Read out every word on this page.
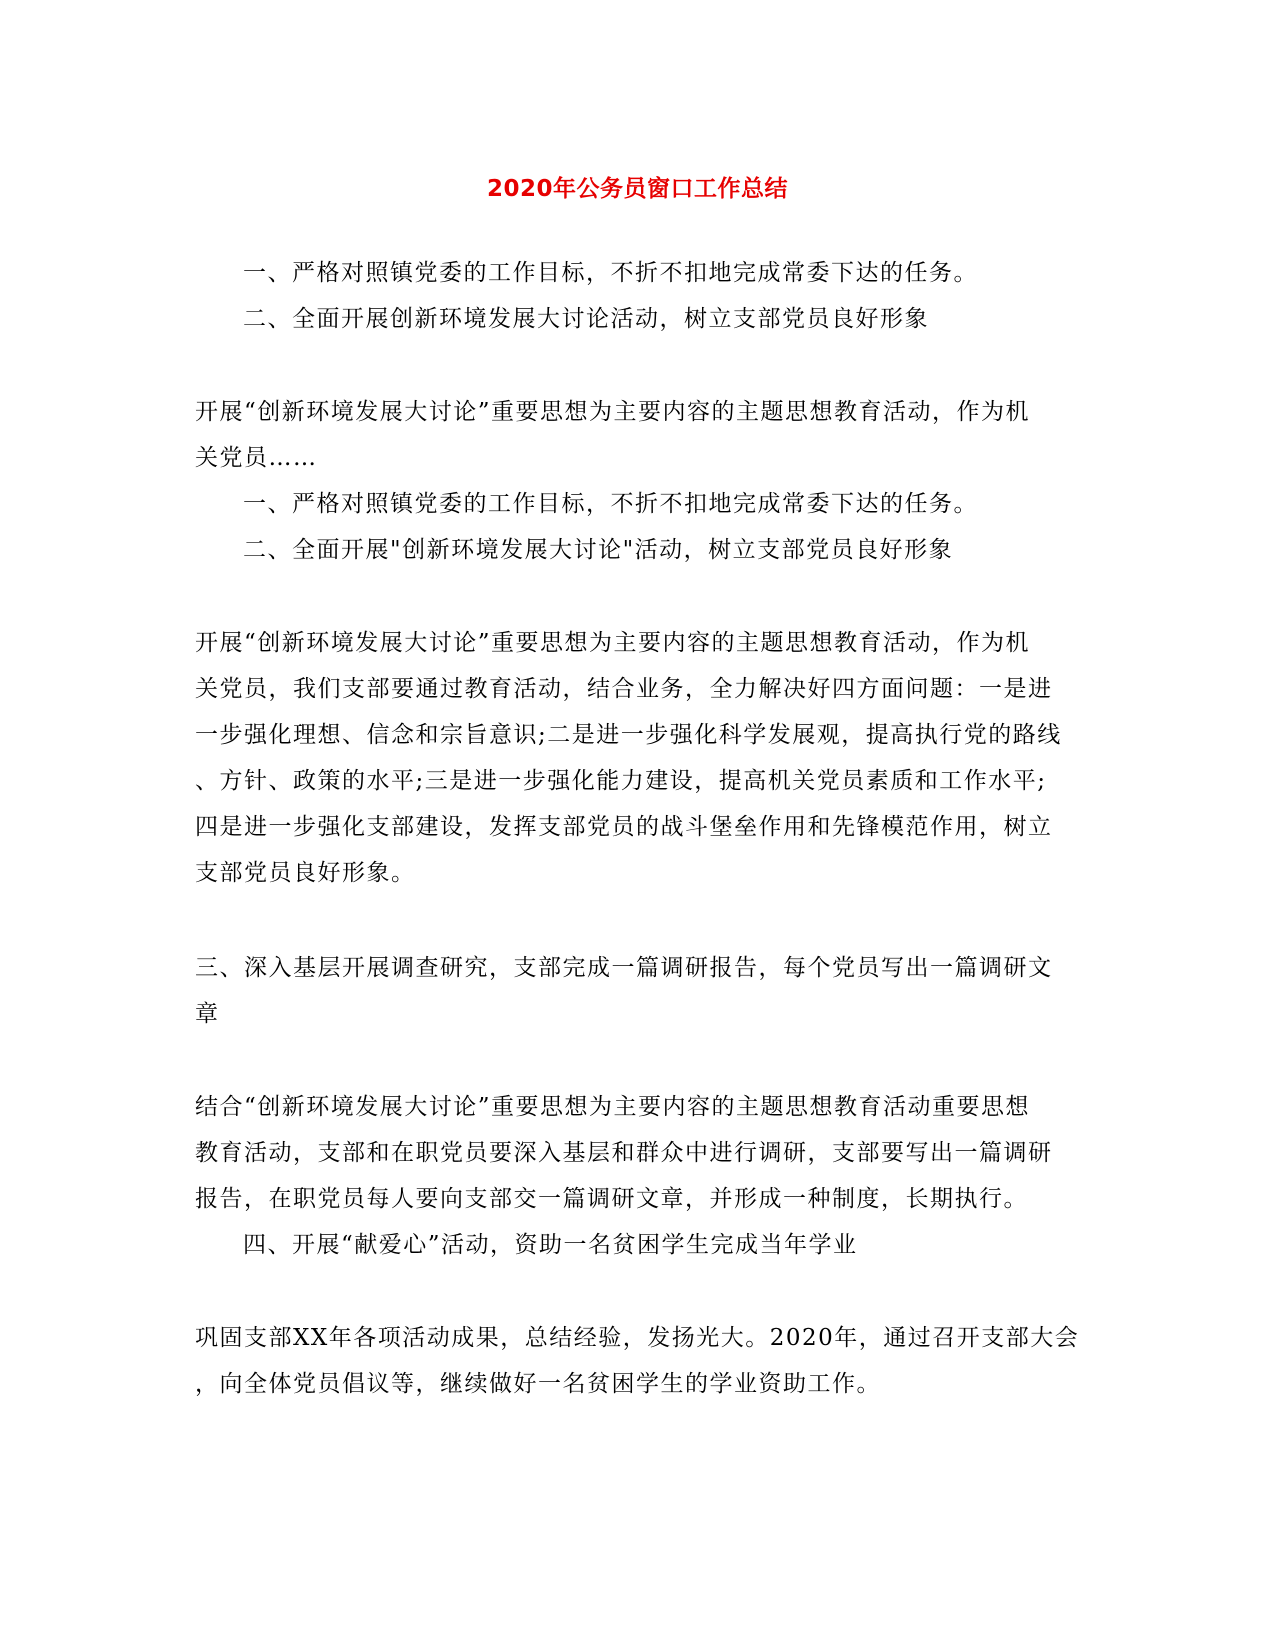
2020年公务员窗口工作总结
一、严格对照镇党委的工作目标，不折不扣地完成常委下达的任务。
二、全面开展创新环境发展大讨论活动，树立支部党员良好形象
开展“创新环境发展大讨论”重要思想为主要内容的主题思想教育活动，作为机
关党员……
一、严格对照镇党委的工作目标，不折不扣地完成常委下达的任务。
二、全面开展"创新环境发展大讨论"活动，树立支部党员良好形象
开展“创新环境发展大讨论”重要思想为主要内容的主题思想教育活动，作为机
关党员，我们支部要通过教育活动，结合业务，全力解决好四方面问题：一是进
一步强化理想、信念和宗旨意识;二是进一步强化科学发展观，提高执行党的路线
、方针、政策的水平;三是进一步强化能力建设，提高机关党员素质和工作水平;
四是进一步强化支部建设，发挥支部党员的战斗堡垒作用和先锋模范作用，树立
支部党员良好形象。
三、深入基层开展调查研究，支部完成一篇调研报告，每个党员写出一篇调研文
章
结合“创新环境发展大讨论”重要思想为主要内容的主题思想教育活动重要思想
教育活动，支部和在职党员要深入基层和群众中进行调研，支部要写出一篇调研
报告，在职党员每人要向支部交一篇调研文章，并形成一种制度，长期执行。
四、开展“献爱心”活动，资助一名贫困学生完成当年学业
巩固支部XX年各项活动成果，总结经验，发扬光大。2020年，通过召开支部大会
，向全体党员倡议等，继续做好一名贫困学生的学业资助工作。
